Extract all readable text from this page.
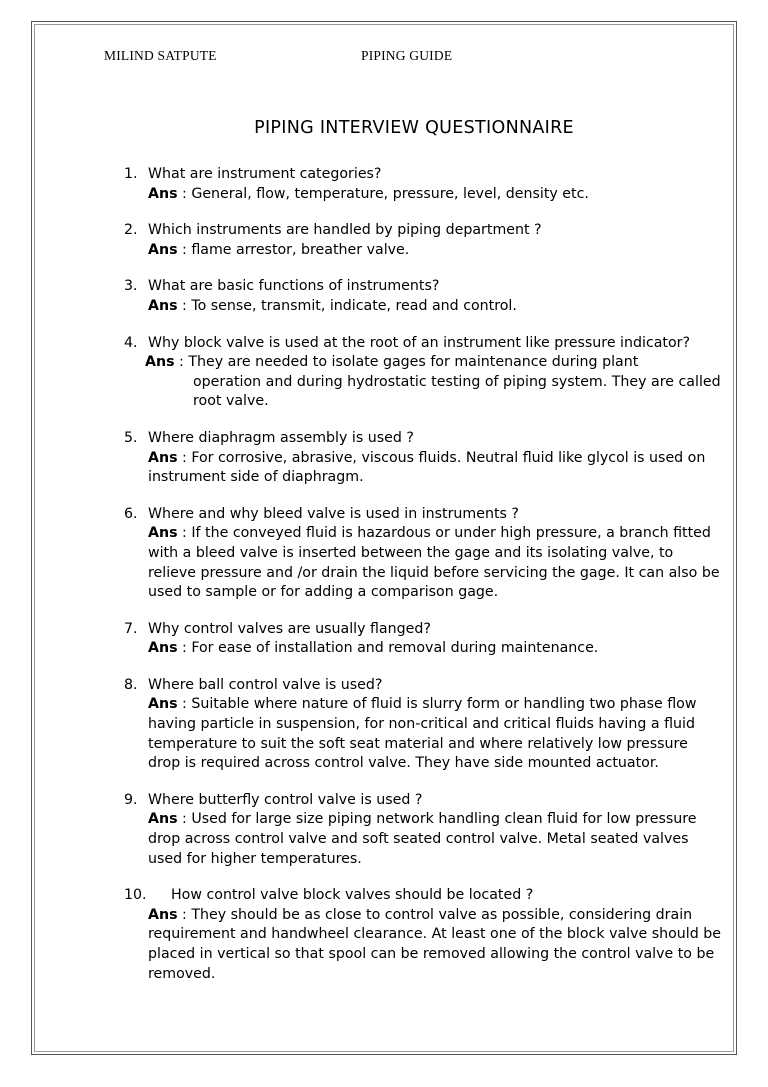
MILIND SATPUTE	PIPING GUIDE
PIPING INTERVIEW QUESTIONNAIRE
1. What are instrument categories?
Ans : General, flow, temperature, pressure, level, density etc.
2. Which instruments are handled by piping department ?
Ans : flame arrestor, breather valve.
3. What are basic functions of instruments?
Ans : To sense, transmit, indicate, read and control.
4. Why block valve is used at the root of an instrument like pressure indicator?
Ans : They are needed to isolate gages for maintenance during plant
operation and during hydrostatic testing of piping system. They are called root valve.
5. Where diaphragm assembly is used ?
Ans : For corrosive, abrasive, viscous fluids. Neutral fluid like glycol is used on instrument side of diaphragm.
6. Where and why bleed valve is used in instruments ?
Ans : If the conveyed fluid is hazardous or under high pressure, a branch fitted with a bleed valve is inserted between the gage and its isolating valve, to relieve pressure and /or drain the liquid before servicing the gage. It can also be used to sample or for adding a comparison gage.
7. Why control valves are usually flanged?
Ans : For ease of installation and removal during maintenance.
8. Where ball control valve is used?
Ans : Suitable where nature of fluid is slurry form or handling two phase flow having particle in suspension, for non-critical and critical fluids having a fluid temperature to suit the soft seat material and where relatively low pressure drop is required across control valve. They have side mounted actuator.
9. Where butterfly control valve is used ?
Ans : Used for large size piping network handling clean fluid for low pressure drop across control valve and soft seated control valve. Metal seated valves used for higher temperatures.
10. How control valve block valves should be located ?
Ans : They should be as close to control valve as possible, considering drain requirement and handwheel clearance. At least one of the block valve should be placed in vertical so that spool can be removed allowing the control valve to be removed.
